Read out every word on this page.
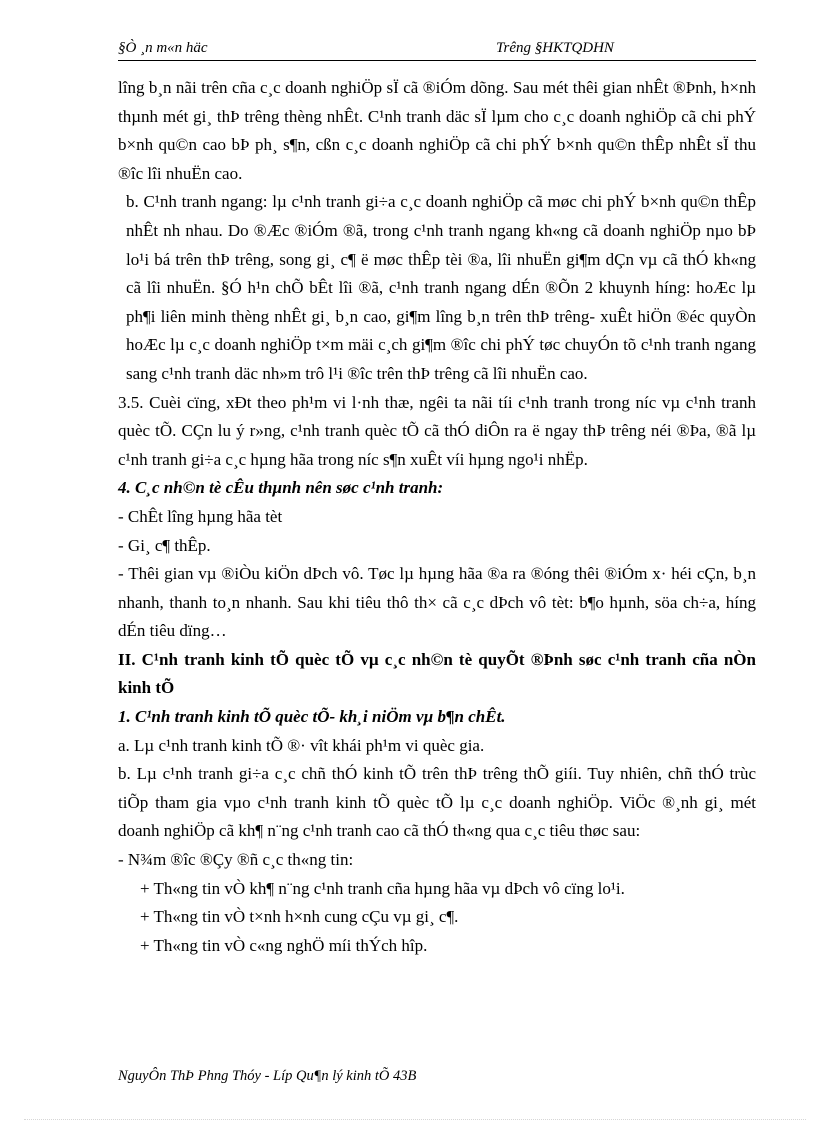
§Ò ¸n m«n häc	Trêng §HKTQDHN

lîng b¸n nãi trên cña c¸c doanh nghiÖp sÏ cã ®iÓm dõng. Sau mét thêi gian nhÊt ®Þnh, h×nh thµnh mét gi¸ thÞ trêng thèng nhÊt. C¹nh tranh däc sÏ lµm cho c¸c doanh nghiÖp cã chi phÝ b×nh qu©n cao bÞ ph¸ s¶n, cßn c¸c doanh nghiÖp cã chi phÝ b×nh qu©n thÊp nhÊt sÏ thu ®îc lîi nhuËn cao.

b. C¹nh tranh ngang: lµ c¹nh tranh gi÷a c¸c doanh nghiÖp cã møc chi phÝ b×nh qu©n thÊp nhÊt nh nhau. Do ®Æc ®iÓm ®ã, trong c¹nh tranh ngang kh«ng cã doanh nghiÖp nµo bÞ lo¹i bá trên thÞ trêng, song gi¸ c¶ ë møc thÊp tèi ®a, lîi nhuËn gi¶m dÇn vµ cã thÓ kh«ng cã lîi nhuËn. §Ó h¹n chÕ bÊt lîi ®ã, c¹nh tranh ngang dÉn ®Õn 2 khuynh híng: hoÆc lµ ph¶i liên minh thèng nhÊt gi¸ b¸n cao, gi¶m lîng b¸n trên thÞ trêng- xuÊt hiÖn ®éc quyÒn hoÆc lµ c¸c doanh nghiÖp t×m mäi c¸ch gi¶m ®îc chi phÝ tøc chuyÓn tõ c¹nh tranh ngang sang c¹nh tranh däc nh»m trô l¹i ®îc trên thÞ trêng cã lîi nhuËn cao.

3.5. Cuèi cïng, xÐt theo ph¹m vi l·nh thæ, ngêi ta nãi tíi c¹nh tranh trong níc vµ c¹nh tranh quèc tÕ. CÇn lu ý r»ng, c¹nh tranh quèc tÕ cã thÓ diÔn ra ë ngay thÞ trêng néi ®Þa, ®ã lµ c¹nh tranh gi÷a c¸c hµng hãa trong níc s¶n xuÊt víi hµng ngo¹i nhËp.

4. C¸c nh©n tè cÊu thµnh nên søc c¹nh tranh:

- ChÊt lîng hµng hãa tèt

- Gi¸ c¶ thÊp.

- Thêi gian vµ ®iÒu kiÖn dÞch vô. Tøc lµ hµng hãa ®a ra ®óng thêi ®iÓm x· héi cÇn, b¸n nhanh, thanh to¸n nhanh. Sau khi tiêu thô th× cã c¸c dÞch vô tèt: b¶o hµnh, söa ch÷a, híng dÉn tiêu dïng…

II. C¹nh tranh kinh tÕ quèc tÕ vµ c¸c nh©n tè quyÕt ®Þnh søc c¹nh tranh cña nÒn kinh tÕ

1. C¹nh tranh kinh tÕ quèc tÕ- kh¸i niÖm vµ b¶n chÊt.

a. Lµ c¹nh tranh kinh tÕ ®· vît khái ph¹m vi quèc gia.

b. Lµ c¹nh tranh gi÷a c¸c chñ thÓ kinh tÕ trên thÞ trêng thÕ giíi. Tuy nhiên, chñ thÓ trùc tiÕp tham gia vµo c¹nh tranh kinh tÕ quèc tÕ lµ c¸c doanh nghiÖp. ViÖc ®¸nh gi¸ mét doanh nghiÖp cã kh¶ n¨ng c¹nh tranh cao cã thÓ th«ng qua c¸c tiêu thøc sau:

- N¾m ®îc ®Çy ®ñ c¸c th«ng tin:

+ Th«ng tin vÒ kh¶ n¨ng c¹nh tranh cña hµng hãa vµ dÞch vô cïng lo¹i.

+ Th«ng tin vÒ t×nh h×nh cung cÇu vµ gi¸ c¶.

+ Th«ng tin vÒ c«ng nghÖ míi thÝch hîp.

NguyÔn ThÞ Phng Thóy - Líp Qu¶n lý kinh tÕ 43B
